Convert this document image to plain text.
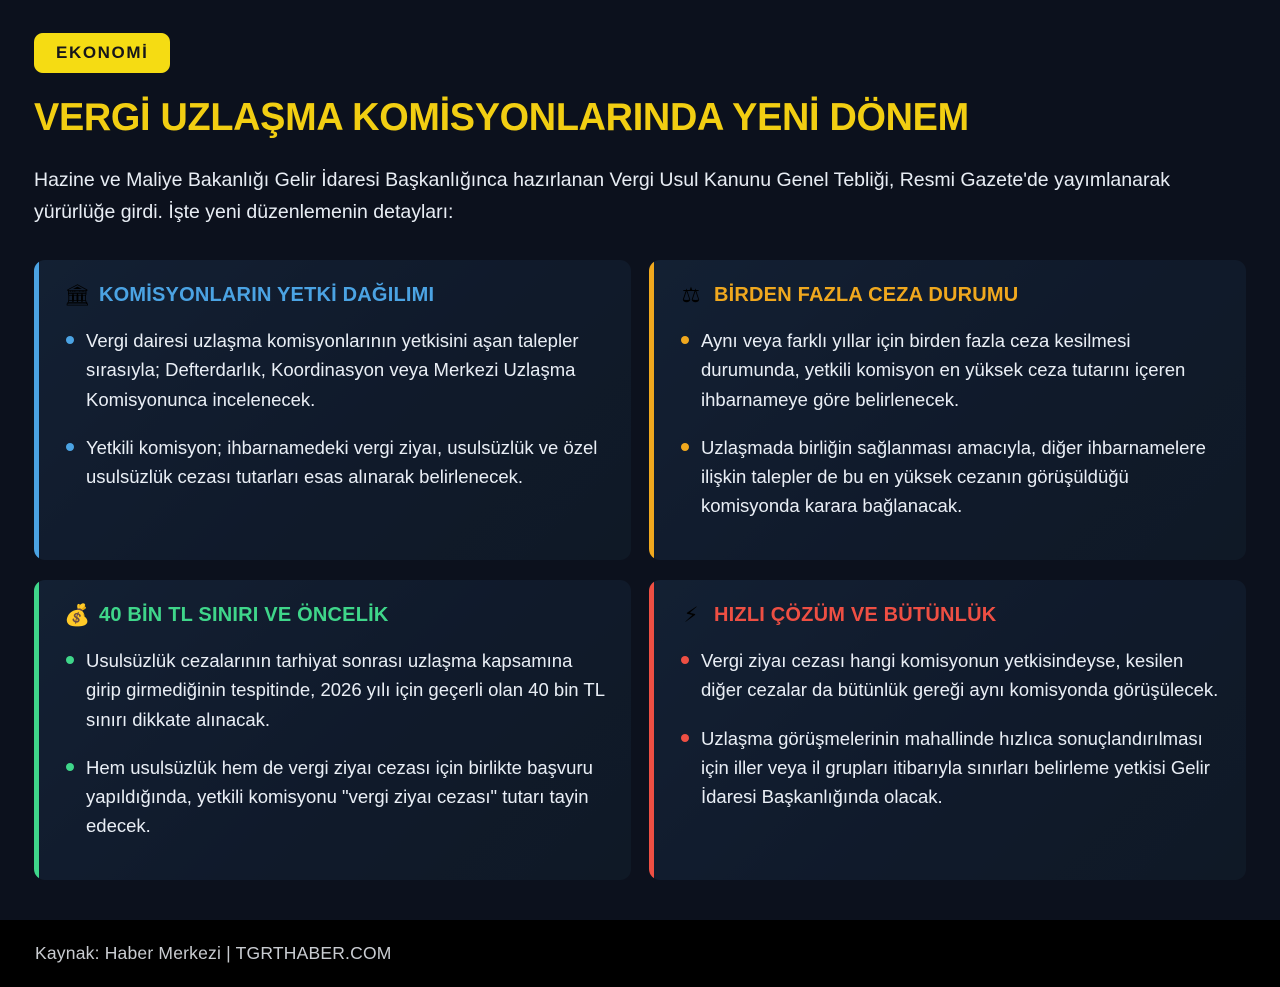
EKONOMİ
VERGİ UZLAŞMA KOMİSYONLARINDA YENİ DÖNEM

Hazine ve Maliye Bakanlığı Gelir İdaresi Başkanlığınca hazırlanan Vergi Usul Kanunu Genel Tebliği, Resmi Gazete'de yayımlanarak yürürlüğe girdi. İşte yeni düzenlemenin detayları:

🏛 KOMİSYONLARIN YETKİ DAĞILIMI
Vergi dairesi uzlaşma komisyonlarının yetkisini aşan talepler sırasıyla; Defterdarlık, Koordinasyon veya Merkezi Uzlaşma Komisyonunca incelenecek.
Yetkili komisyon; ihbarnamedeki vergi ziyaı, usulsüzlük ve özel usulsüzlük cezası tutarları esas alınarak belirlenecek.
⚖ BİRDEN FAZLA CEZA DURUMU
Aynı veya farklı yıllar için birden fazla ceza kesilmesi durumunda, yetkili komisyon en yüksek ceza tutarını içeren ihbarnameye göre belirlenecek.
Uzlaşmada birliğin sağlanması amacıyla, diğer ihbarnamelere ilişkin talepler de bu en yüksek cezanın görüşüldüğü komisyonda karara bağlanacak.
💰 40 BİN TL SINIRI VE ÖNCELİK
Usulsüzlük cezalarının tarhiyat sonrası uzlaşma kapsamına girip girmediğinin tespitinde, 2026 yılı için geçerli olan 40 bin TL sınırı dikkate alınacak.
Hem usulsüzlük hem de vergi ziyaı cezası için birlikte başvuru yapıldığında, yetkili komisyonu "vergi ziyaı cezası" tutarı tayin edecek.
⚡ HIZLI ÇÖZÜM VE BÜTÜNLÜK
Vergi ziyaı cezası hangi komisyonun yetkisindeyse, kesilen diğer cezalar da bütünlük gereği aynı komisyonda görüşülecek.
Uzlaşma görüşmelerinin mahallinde hızlıca sonuçlandırılması için iller veya il grupları itibarıyla sınırları belirleme yetkisi Gelir İdaresi Başkanlığında olacak.
Kaynak: Haber Merkezi | TGRTHABER.COM
